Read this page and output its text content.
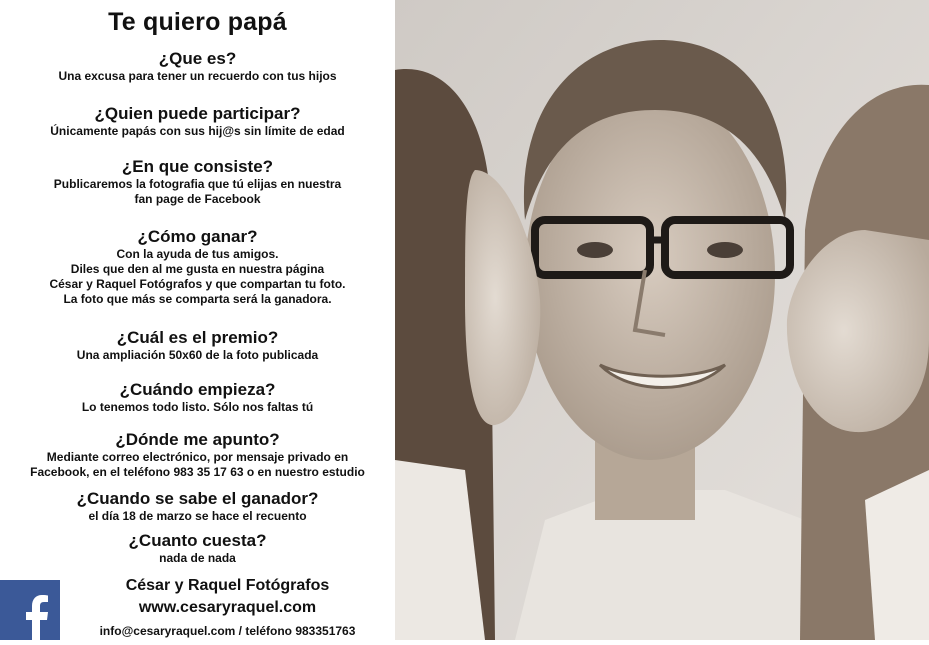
Te quiero papá
¿Que es?
Una excusa para tener un recuerdo con tus hijos
¿Quien puede participar?
Únicamente papás con sus hij@s sin límite de edad
¿En que consiste?
Publicaremos la fotografia que tú elijas en nuestra
fan page de Facebook
¿Cómo ganar?
Con la ayuda de tus amigos.
Diles que den al me gusta en nuestra página
César y Raquel Fotógrafos y que compartan tu foto.
La foto que más se comparta será la ganadora.
¿Cuál es el premio?
Una ampliación 50x60 de la foto publicada
¿Cuándo empieza?
Lo tenemos todo listo. Sólo nos faltas tú
¿Dónde me apunto?
Mediante correo electrónico, por mensaje privado en
Facebook, en el teléfono 983 35 17 63 o en nuestro estudio
¿Cuando se sabe el ganador?
el día 18 de marzo se hace el recuento
¿Cuanto cuesta?
nada de nada
César y Raquel Fotógrafos
www.cesaryraquel.com
info@cesaryraquel.com / teléfono 983351763
